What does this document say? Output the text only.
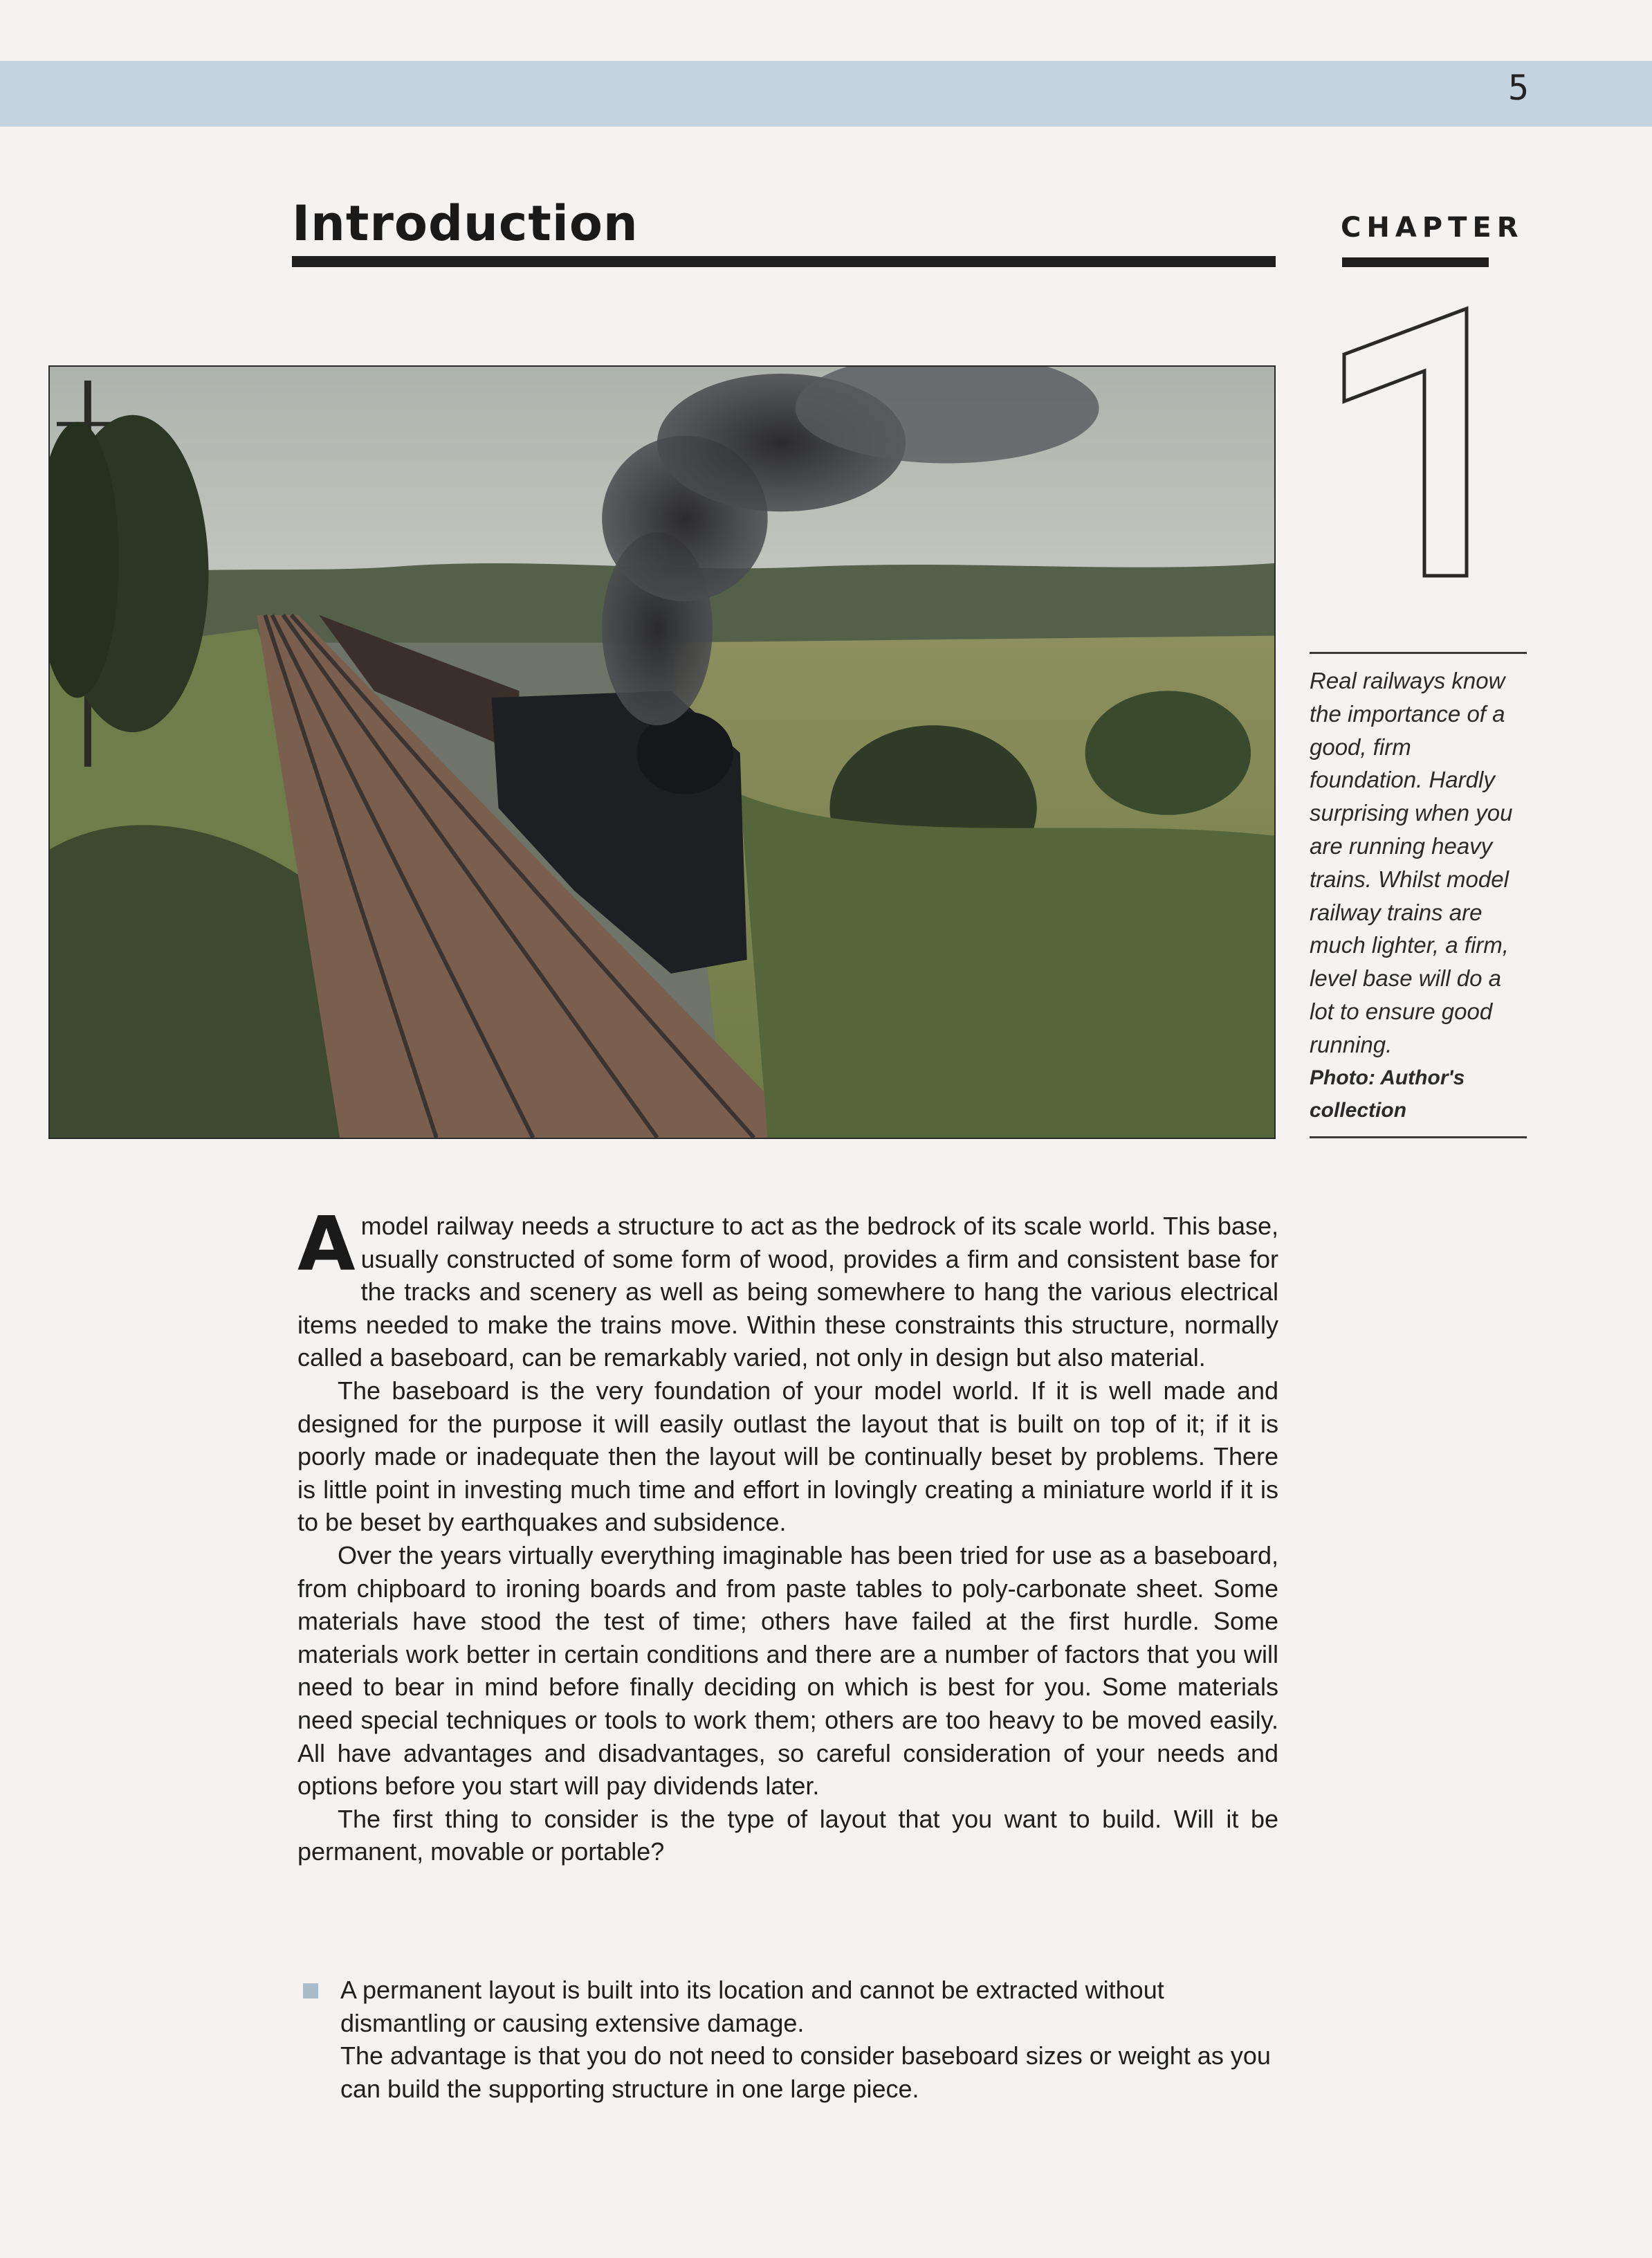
5
Introduction	CHAPTER
1
Real railways know the importance of a good, firm foundation. Hardly surprising when you are running heavy trains. Whilst model railway trains are much lighter, a firm, level base will do a lot to ensure good running.
Photo: Author's collection

Amodel railway needs a structure to act as the bedrock of its scale world. This base, usually constructed of some form of wood, provides a firm and consistent base for the tracks and scenery as well as being somewhere to hang the various electrical items needed to make the trains move. Within these constraints this structure, normally called a baseboard, can be remarkably varied, not only in design but also material.

The baseboard is the very foundation of your model world. If it is well made and designed for the purpose it will easily outlast the layout that is built on top of it; if it is poorly made or inadequate then the layout will be continually beset by problems. There is little point in investing much time and effort in lovingly creating a miniature world if it is to be beset by earthquakes and subsidence.

Over the years virtually everything imaginable has been tried for use as a baseboard, from chipboard to ironing boards and from paste tables to poly-carbonate sheet. Some materials have stood the test of time; others have failed at the first hurdle. Some materials work better in certain conditions and there are a number of factors that you will need to bear in mind before finally deciding on which is best for you. Some materials need special techniques or tools to work them; others are too heavy to be moved easily. All have advantages and disadvantages, so careful consideration of your needs and options before you start will pay dividends later.

The first thing to consider is the type of layout that you want to build. Will it be permanent, movable or portable?

A permanent layout is built into its location and cannot be extracted without dismantling or causing extensive damage.

The advantage is that you do not need to consider baseboard sizes or weight as you can build the supporting structure in one large piece.
